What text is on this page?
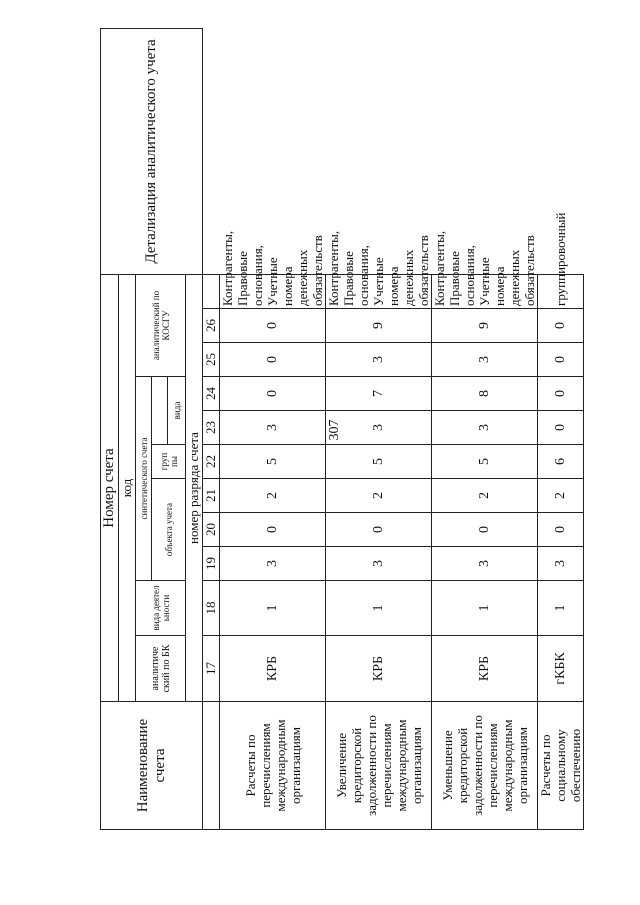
307
Наименование счета	Номер счета											Детализация аналитического учета
	код											
	аналитиче ский по БК	вида деятел ьности	синтетического счета						аналитический по КОСГУ			
			объекта учета			груп пы						
							вида					
	номер разряда счета											
	17	18	19	20	21	22	23	24	25	26		
Расчеты по перечислениям международным организациям	КРБ	1	3	0	2	5	3	0	0	0	Контрагенты, Правовые основания, Учетные номера денежных обязательств	
Увеличение кредиторской задолженности по перечислениям международным организациям	КРБ	1	3	0	2	5	3	7	3	9	Контрагенты, Правовые основания, Учетные номера денежных обязательств	
Уменьшение кредиторской задолженности по перечислениям международным организациям	КРБ	1	3	0	2	5	3	8	3	9	Контрагенты, Правовые основания, Учетные номера денежных обязательств	
Расчеты по социальному обеспечению	гКБК	1	3	0	2	6	0	0	0	0	группировочный	
